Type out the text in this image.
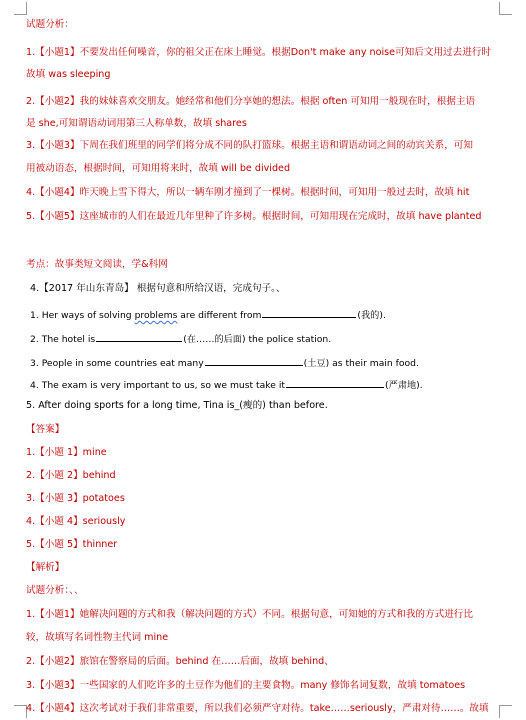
试题分析：
1.【小题1】不要发出任何噪音，你的祖父正在床上睡觉。根据Don't make any noise可知后文用过去进行时
故填 was sleeping
2.【小题2】我的妹妹喜欢交朋友。她经常和他们分享她的想法。根据 often 可知用一般现在时，根据主语
是 she,可知谓语动词用第三人称单数，故填 shares
3.【小题3】下周在我们班里的同学们将分成不同的队打篮球。根据主语和谓语动词之间的动宾关系，可知
用被动语态，根据时间，可知用将来时，故填 will be divided
4.【小题4】昨天晚上雪下得大，所以一辆车刚才撞到了一棵树。根据时间，可知用一般过去时，故填 hit
5.【小题5】这座城市的人们在最近几年里种了许多树。根据时间，可知用现在完成时，故填 have planted
考点：故事类短文阅读，学&科网
4.【2017 年山东青岛】 根据句意和所给汉语，完成句子。、
1. Her ways of solving problems are different from	(我的).
2. The hotel is	(在……的后面) the police station.
3. People in some countries eat many	(土豆) as their main food.
4. The exam is very important to us, so we must take it	(严肃地).
5. After doing sports for a long time, Tina is_(瘦的) than before.
【答案】
1.【小题 1】mine
2.【小题 2】behind
3.【小题 3】potatoes
4.【小题 4】seriously
5.【小题 5】thinner
【解析】
试题分析：、、
1.【小题1】她解决问题的方式和我（解决问题的方式）不同。根据句意，可知她的方式和我的方式进行比
较，故填写名词性物主代词 mine
2.【小题2】旅馆在警察局的后面。behind 在……后面，故填 behind、
3.【小题3】一些国家的人们吃许多的土豆作为他们的主要食物。many 修饰名词复数，故填 tomatoes
4.【小题4】这次考试对于我们非常重要，所以我们必须严守对待。take……seriously，严肃对待……。故填
